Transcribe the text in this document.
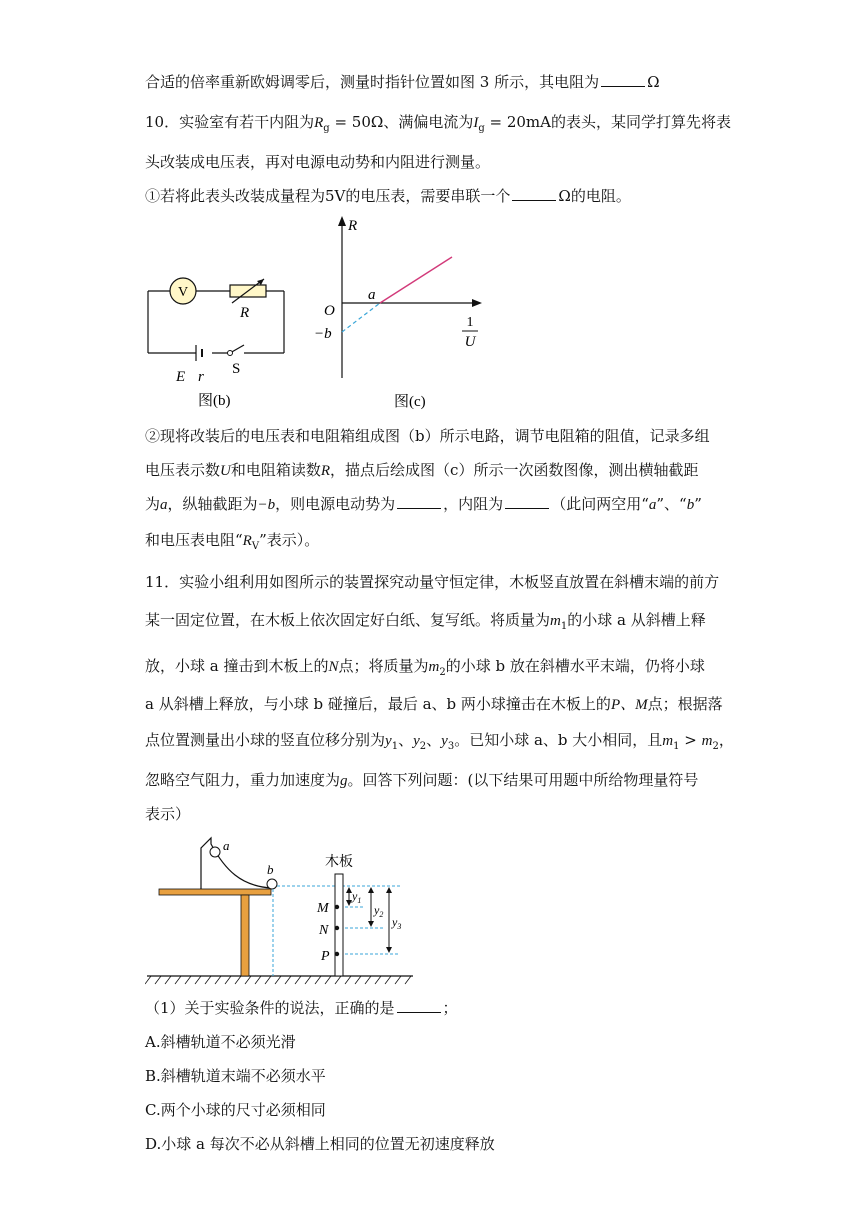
合适的倍率重新欧姆调零后，测量时指针位置如图 3 所示，其电阻为	Ω
10．实验室有若干内阻为$R_g = 50\Omega$、满偏电流为$I_g = 20mA$的表头，某同学打算先将表
头改装成电压表，再对电源电动势和内阻进行测量。
①若将此表头改装成量程为5V的电压表，需要串联一个	Ω的电阻。
V
R
E r S
图(b)
R
O
a
−b
1
U
图(c)
②现将改装后的电压表和电阻箱组成图（b）所示电路，调节电阻箱的阻值，记录多组
电压表示数U和电阻箱读数R，描点后绘成图（c）所示一次函数图像，测出横轴截距
为a，纵轴截距为−b，则电源电动势为	，内阻为	（此问两空用“a”、“b”
和电压表电阻“$R_V$”表示）。
11．实验小组利用如图所示的装置探究动量守恒定律，木板竖直放置在斜槽末端的前方
某一固定位置，在木板上依次固定好白纸、复写纸。将质量为$m_1$的小球 a 从斜槽上释
放，小球 a 撞击到木板上的N点；将质量为$m_2$的小球 b 放在斜槽水平末端，仍将小球
a 从斜槽上释放，与小球 b 碰撞后，最后 a、b 两小球撞击在木板上的P、M点；根据落
点位置测量出小球的竖直位移分别为$y_1$、$y_2$、$y_3$。已知小球 a、b 大小相同，且$m_1 > m_2$，
忽略空气阻力，重力加速度为g。回答下列问题：(以下结果可用题中所给物理量符号
表示）
a
b	木板
M
N
P
$y_1$
$y_2$
$y_3$
（1）关于实验条件的说法，正确的是	；
A.斜槽轨道不必须光滑
B.斜槽轨道末端不必须水平
C.两个小球的尺寸必须相同
D.小球 a 每次不必从斜槽上相同的位置无初速度释放
